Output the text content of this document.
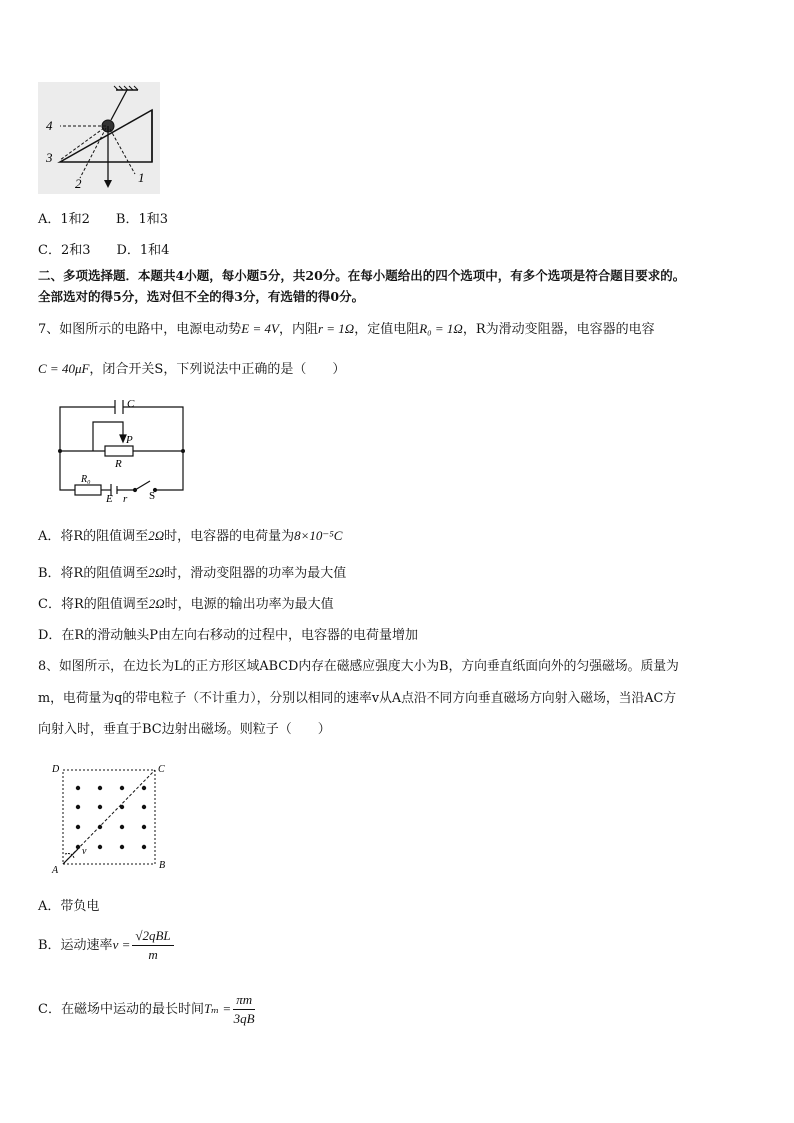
4
3
2	1
A．1和2　　B．1和3
C．2和3　　D．1和4
二、多项选择题．本题共4小题，每小题5分，共20分。在每小题给出的四个选项中，有多个选项是符合题目要求的。
全部选对的得5分，选对但不全的得3分，有选错的得0分。
7、如图所示的电路中，电源电动势E = 4V，内阻r = 1Ω，定值电阻R₀ = 1Ω，R为滑动变阻器，电容器的电容
C = 40μF，闭合开关S，下列说法中正确的是（　　）
C
P
R
R₀
E r S
A．将R的阻值调至2Ω时，电容器的电荷量为8×10⁻⁵C
B．将R的阻值调至2Ω时，滑动变阻器的功率为最大值
C．将R的阻值调至2Ω时，电源的输出功率为最大值
D．在R的滑动触头P由左向右移动的过程中，电容器的电荷量增加
8、如图所示，在边长为L的正方形区域ABCD内存在磁感应强度大小为B，方向垂直纸面向外的匀强磁场。质量为
m，电荷量为q的带电粒子（不计重力），分别以相同的速率v从A点沿不同方向垂直磁场方向射入磁场，当沿AC方
向射入时，垂直于BC边射出磁场。则粒子（　　）
D	C
A	B
v
A．带负电
B．运动速率$v = \frac{\text{√2qBL}}{m}$
C．在磁场中运动的最长时间$T_m = \frac{\pi m}{3qB}$
